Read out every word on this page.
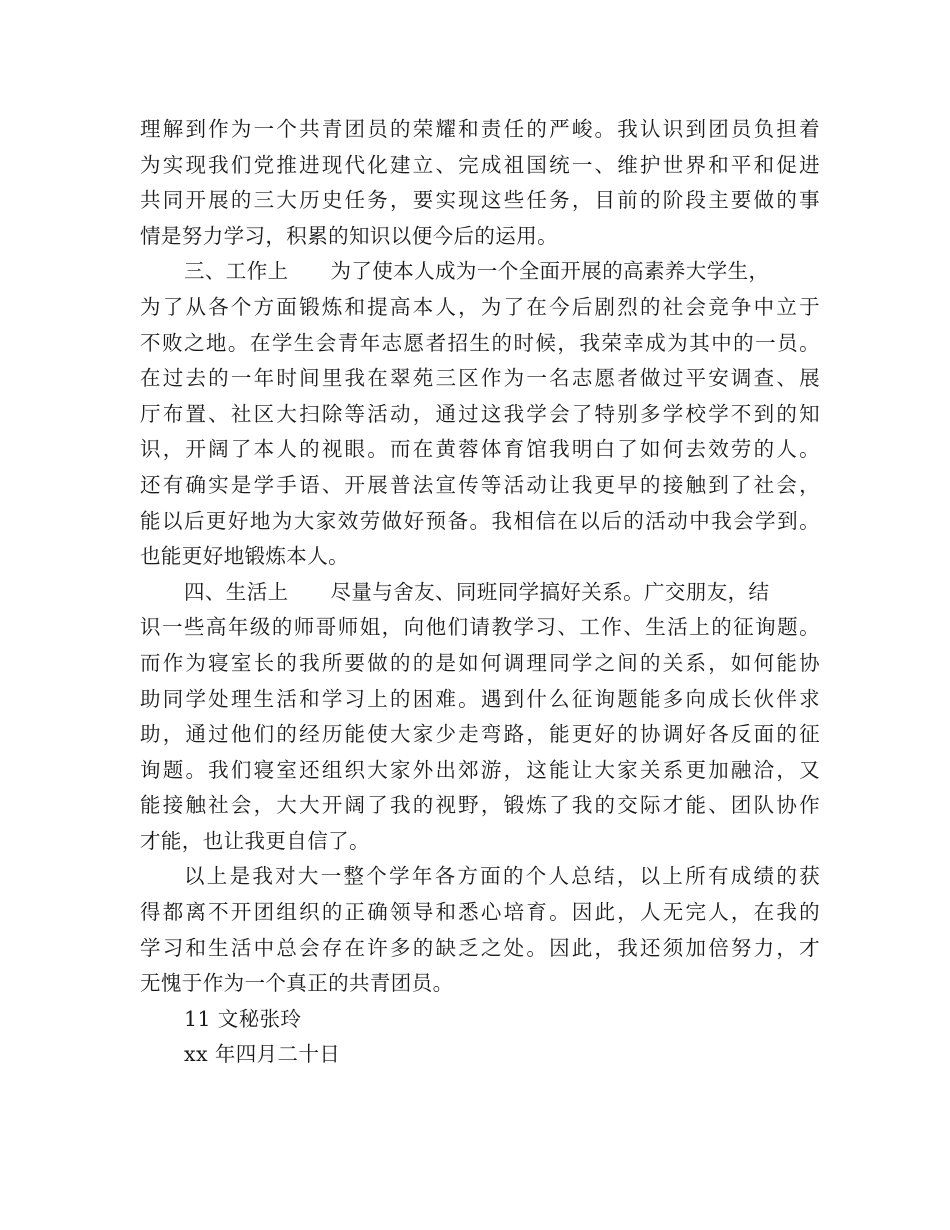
理解到作为一个共青团员的荣耀和责任的严峻。我认识到团员负担着
为实现我们党推进现代化建立、完成祖国统一、维护世界和平和促进
共同开展的三大历史任务，要实现这些任务，目前的阶段主要做的事
情是努力学习，积累的知识以便今后的运用。
三、工作上 为了使本人成为一个全面开展的高素养大学生，
为了从各个方面锻炼和提高本人，为了在今后剧烈的社会竞争中立于
不败之地。在学生会青年志愿者招生的时候，我荣幸成为其中的一员。
在过去的一年时间里我在翠苑三区作为一名志愿者做过平安调查、展
厅布置、社区大扫除等活动，通过这我学会了特别多学校学不到的知
识，开阔了本人的视眼。而在黄蓉体育馆我明白了如何去效劳的人。
还有确实是学手语、开展普法宣传等活动让我更早的接触到了社会，
能以后更好地为大家效劳做好预备。我相信在以后的活动中我会学到。
也能更好地锻炼本人。
四、生活上 尽量与舍友、同班同学搞好关系。广交朋友，结
识一些高年级的师哥师姐，向他们请教学习、工作、生活上的征询题。
而作为寝室长的我所要做的的是如何调理同学之间的关系，如何能协
助同学处理生活和学习上的困难。遇到什么征询题能多向成长伙伴求
助，通过他们的经历能使大家少走弯路，能更好的协调好各反面的征
询题。我们寝室还组织大家外出郊游，这能让大家关系更加融洽，又
能接触社会，大大开阔了我的视野，锻炼了我的交际才能、团队协作
才能，也让我更自信了。
以上是我对大一整个学年各方面的个人总结，以上所有成绩的获
得都离不开团组织的正确领导和悉心培育。因此，人无完人，在我的
学习和生活中总会存在许多的缺乏之处。因此，我还须加倍努力，才
无愧于作为一个真正的共青团员。
11 文秘张玲
xx 年四月二十日
